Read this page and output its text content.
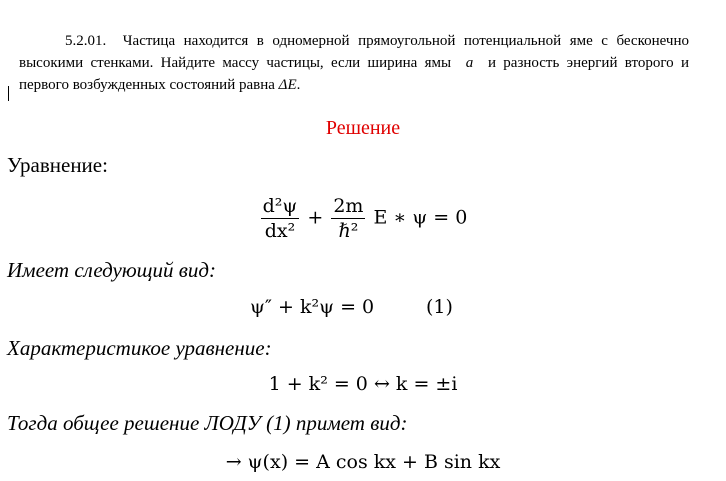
5.2.01. Частица находится в одномерной прямоугольной потенциальной яме с бесконечно высокими стенками. Найдите массу частицы, если ширина ямы a и разность энергий второго и первого возбужденных состояний равна ΔE.
Решение
Уравнение:
$\frac{\text{d²ψ}}{\text{dx²}} + \frac{2m}{\text{ℏ²}}$ E ∗ ψ = 0
Имеет следующий вид:
ψ″ + k²ψ = 0	(1)
Характеристикое уравнение:
1 + k² = 0 ↔ k = ±i
Тогда общее решение ЛОДУ (1) примет вид:
→ ψ(x) = A cos kx + B sin kx
